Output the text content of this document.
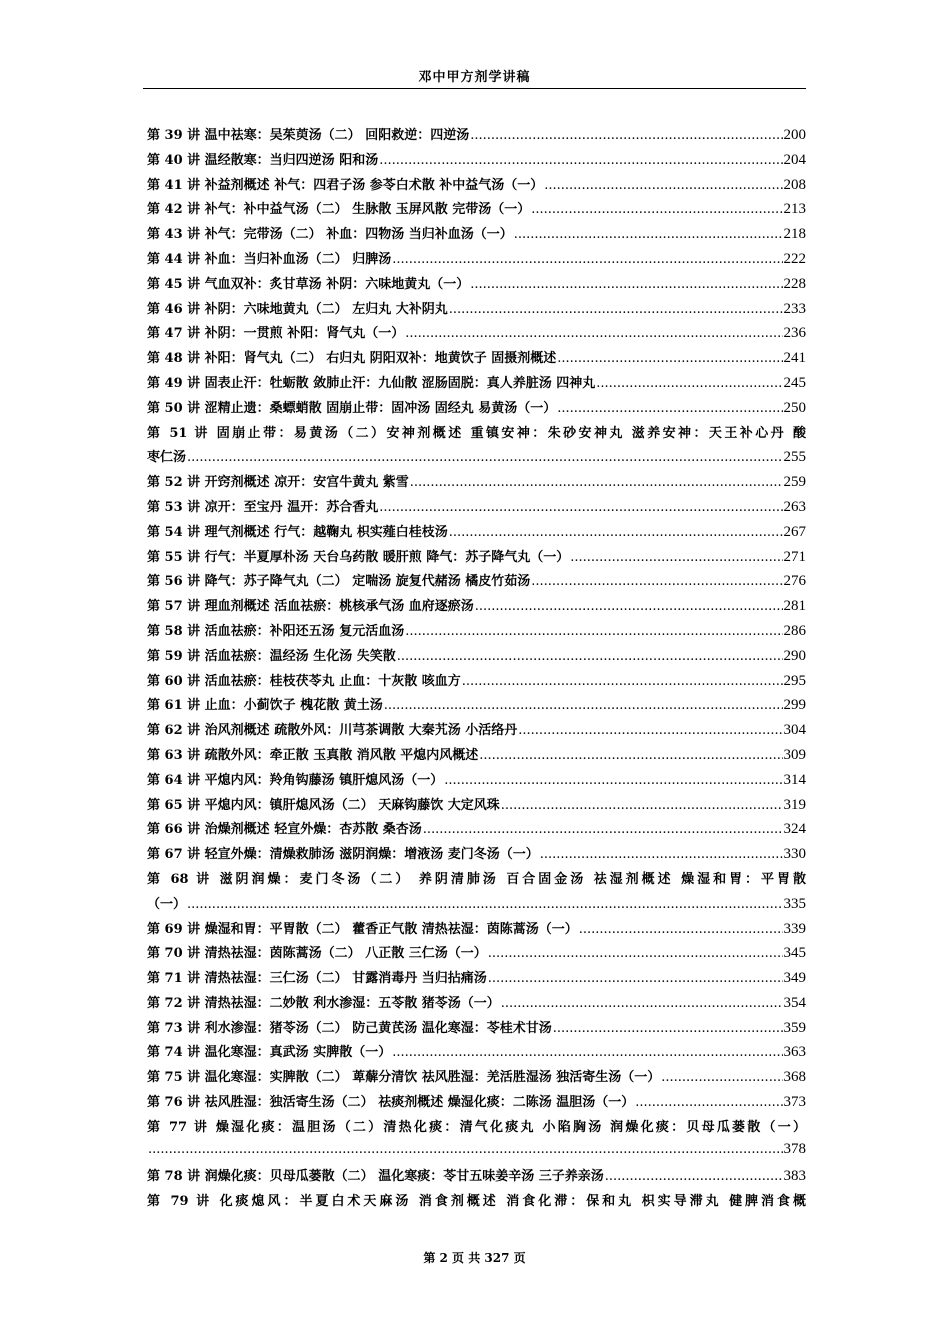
邓中甲方剂学讲稿
第 39 讲 温中祛寒：吴茱萸汤（二） 回阳救逆：四逆汤 .....	200
第 40 讲 温经散寒：当归四逆汤 阳和汤 .....	204
第 41 讲 补益剂概述 补气：四君子汤 参苓白术散 补中益气汤（一） .....	208
第 42 讲 补气：补中益气汤（二） 生脉散 玉屏风散 完带汤（一） .....	213
第 43 讲 补气：完带汤（二） 补血：四物汤 当归补血汤（一） .....	218
第 44 讲 补血：当归补血汤（二） 归脾汤 .....	222
第 45 讲 气血双补：炙甘草汤 补阴：六味地黄丸（一） .....	228
第 46 讲 补阴：六味地黄丸（二） 左归丸 大补阴丸 .....	233
第 47 讲 补阴：一贯煎 补阳：肾气丸（一） .....	236
第 48 讲 补阳：肾气丸（二） 右归丸 阴阳双补：地黄饮子 固摄剂概述 .....	241
第 49 讲 固表止汗：牡蛎散 敛肺止汗：九仙散 涩肠固脱：真人养脏汤 四神丸 .....	245
第 50 讲 涩精止遗：桑螵蛸散 固崩止带：固冲汤 固经丸 易黄汤（一） .....	250
第 51 讲 固崩止带：易黄汤（二）安神剂概述 重镇安神：朱砂安神丸 滋养安神：天王补心丹 酸
枣仁汤 .....	255
第 52 讲 开窍剂概述 凉开：安宫牛黄丸 紫雪 .....	259
第 53 讲 凉开：至宝丹 温开：苏合香丸 .....	263
第 54 讲 理气剂概述 行气：越鞠丸 枳实薤白桂枝汤 .....	267
第 55 讲 行气：半夏厚朴汤 天台乌药散 暖肝煎 降气：苏子降气丸（一） .....	271
第 56 讲 降气：苏子降气丸（二） 定喘汤 旋复代赭汤 橘皮竹茹汤 .....	276
第 57 讲 理血剂概述 活血祛瘀：桃核承气汤 血府逐瘀汤 .....	281
第 58 讲 活血祛瘀：补阳还五汤 复元活血汤 .....	286
第 59 讲 活血祛瘀：温经汤 生化汤 失笑散 .....	290
第 60 讲 活血祛瘀：桂枝茯苓丸 止血：十灰散 咳血方 .....	295
第 61 讲 止血：小蓟饮子 槐花散 黄土汤 .....	299
第 62 讲 治风剂概述 疏散外风：川芎茶调散 大秦艽汤 小活络丹 .....	304
第 63 讲 疏散外风：牵正散 玉真散 消风散 平熄内风概述 .....	309
第 64 讲 平熄内风：羚角钩藤汤 镇肝熄风汤（一） .....	314
第 65 讲 平熄内风：镇肝熄风汤（二） 天麻钩藤饮 大定风珠 .....	319
第 66 讲 治燥剂概述 轻宣外燥：杏苏散 桑杏汤 .....	324
第 67 讲 轻宣外燥：清燥救肺汤 滋阴润燥：增液汤 麦门冬汤（一） .....	330
第 68 讲 滋阴润燥：麦门冬汤（二） 养阴清肺汤 百合固金汤 祛湿剂概述 燥湿和胃：平胃散
（一） .....	335
第 69 讲 燥湿和胃：平胃散（二） 藿香正气散 清热祛湿：茵陈蒿汤（一） .....	339
第 70 讲 清热祛湿：茵陈蒿汤（二） 八正散 三仁汤（一） .....	345
第 71 讲 清热祛湿：三仁汤（二） 甘露消毒丹 当归拈痛汤 .....	349
第 72 讲 清热祛湿：二妙散 利水渗湿：五苓散 猪苓汤（一） .....	354
第 73 讲 利水渗湿：猪苓汤（二） 防己黄芪汤 温化寒湿：苓桂术甘汤 .....	359
第 74 讲 温化寒湿：真武汤 实脾散（一） .....	363
第 75 讲 温化寒湿：实脾散（二） 萆薢分清饮 祛风胜湿：羌活胜湿汤 独活寄生汤（一） .....	368
第 76 讲 祛风胜湿：独活寄生汤（二） 祛痰剂概述 燥湿化痰：二陈汤 温胆汤（一） .....	373
第 77 讲 燥湿化痰：温胆汤（二）清热化痰：清气化痰丸 小陷胸汤 润燥化痰：贝母瓜蒌散（一）
.....
378
第 78 讲 润燥化痰：贝母瓜蒌散（二） 温化寒痰：苓甘五味姜辛汤 三子养亲汤 .....	383
第 79 讲 化痰熄风：半夏白术天麻汤 消食剂概述 消食化滞：保和丸 枳实导滞丸 健脾消食概
第 2 页 共 327 页
